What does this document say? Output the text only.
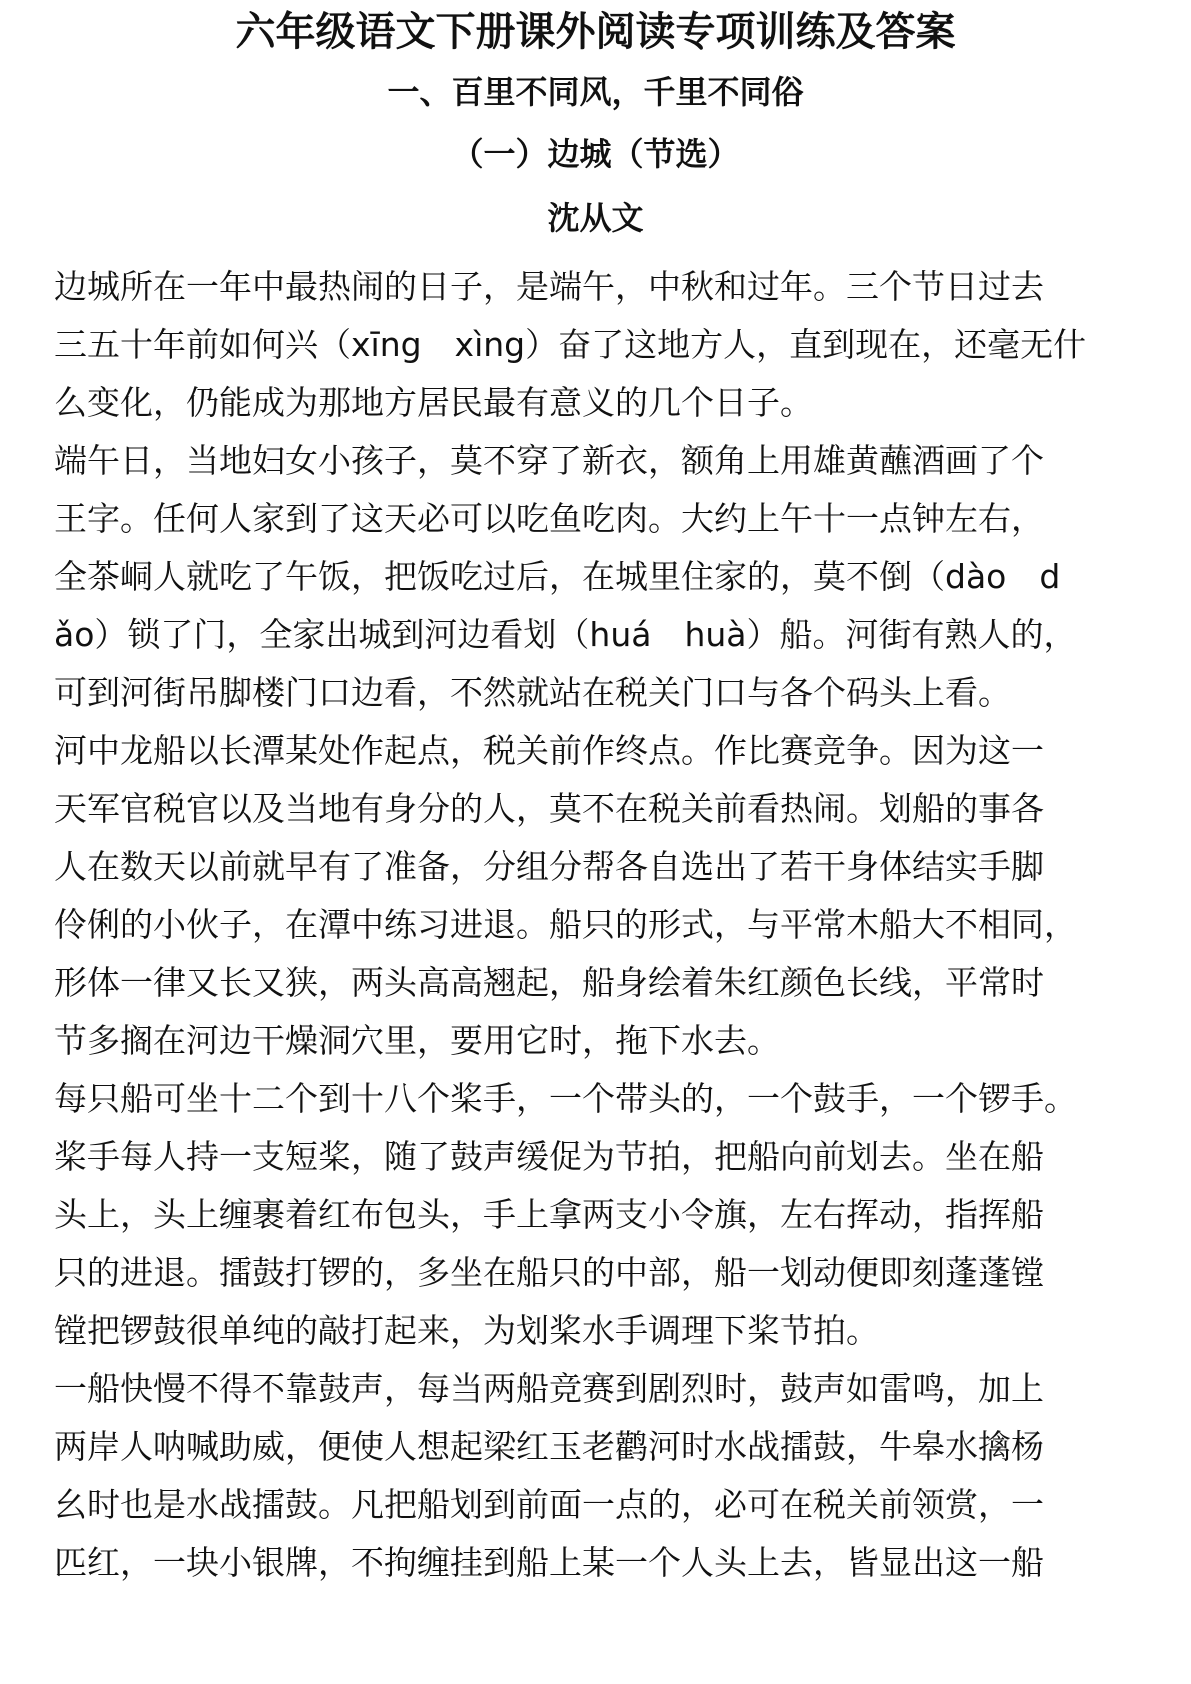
六年级语文下册课外阅读专项训练及答案
一、百里不同风，千里不同俗
（一）边城（节选）
沈从文
边城所在一年中最热闹的日子，是端午，中秋和过年。三个节日过去
三五十年前如何兴（xīng　xìng）奋了这地方人，直到现在，还毫无什
么变化，仍能成为那地方居民最有意义的几个日子。
端午日，当地妇女小孩子，莫不穿了新衣，额角上用雄黄蘸酒画了个
王字。任何人家到了这天必可以吃鱼吃肉。大约上午十一点钟左右，
全茶峒人就吃了午饭，把饭吃过后，在城里住家的，莫不倒（dào　d
ǎo）锁了门，全家出城到河边看划（huá　huà）船。河街有熟人的，
可到河街吊脚楼门口边看，不然就站在税关门口与各个码头上看。
河中龙船以长潭某处作起点，税关前作终点。作比赛竞争。因为这一
天军官税官以及当地有身分的人，莫不在税关前看热闹。划船的事各
人在数天以前就早有了准备，分组分帮各自选出了若干身体结实手脚
伶俐的小伙子，在潭中练习进退。船只的形式，与平常木船大不相同，
形体一律又长又狭，两头高高翘起，船身绘着朱红颜色长线，平常时
节多搁在河边干燥洞穴里，要用它时，拖下水去。
每只船可坐十二个到十八个桨手，一个带头的，一个鼓手，一个锣手。
桨手每人持一支短桨，随了鼓声缓促为节拍，把船向前划去。坐在船
头上，头上缠裹着红布包头，手上拿两支小令旗，左右挥动，指挥船
只的进退。擂鼓打锣的，多坐在船只的中部，船一划动便即刻蓬蓬镗
镗把锣鼓很单纯的敲打起来，为划桨水手调理下桨节拍。
一船快慢不得不靠鼓声，每当两船竞赛到剧烈时，鼓声如雷鸣，加上
两岸人呐喊助威，便使人想起梁红玉老鹳河时水战擂鼓，牛皋水擒杨
幺时也是水战擂鼓。凡把船划到前面一点的，必可在税关前领赏，一
匹红，一块小银牌，不拘缠挂到船上某一个人头上去，皆显出这一船
